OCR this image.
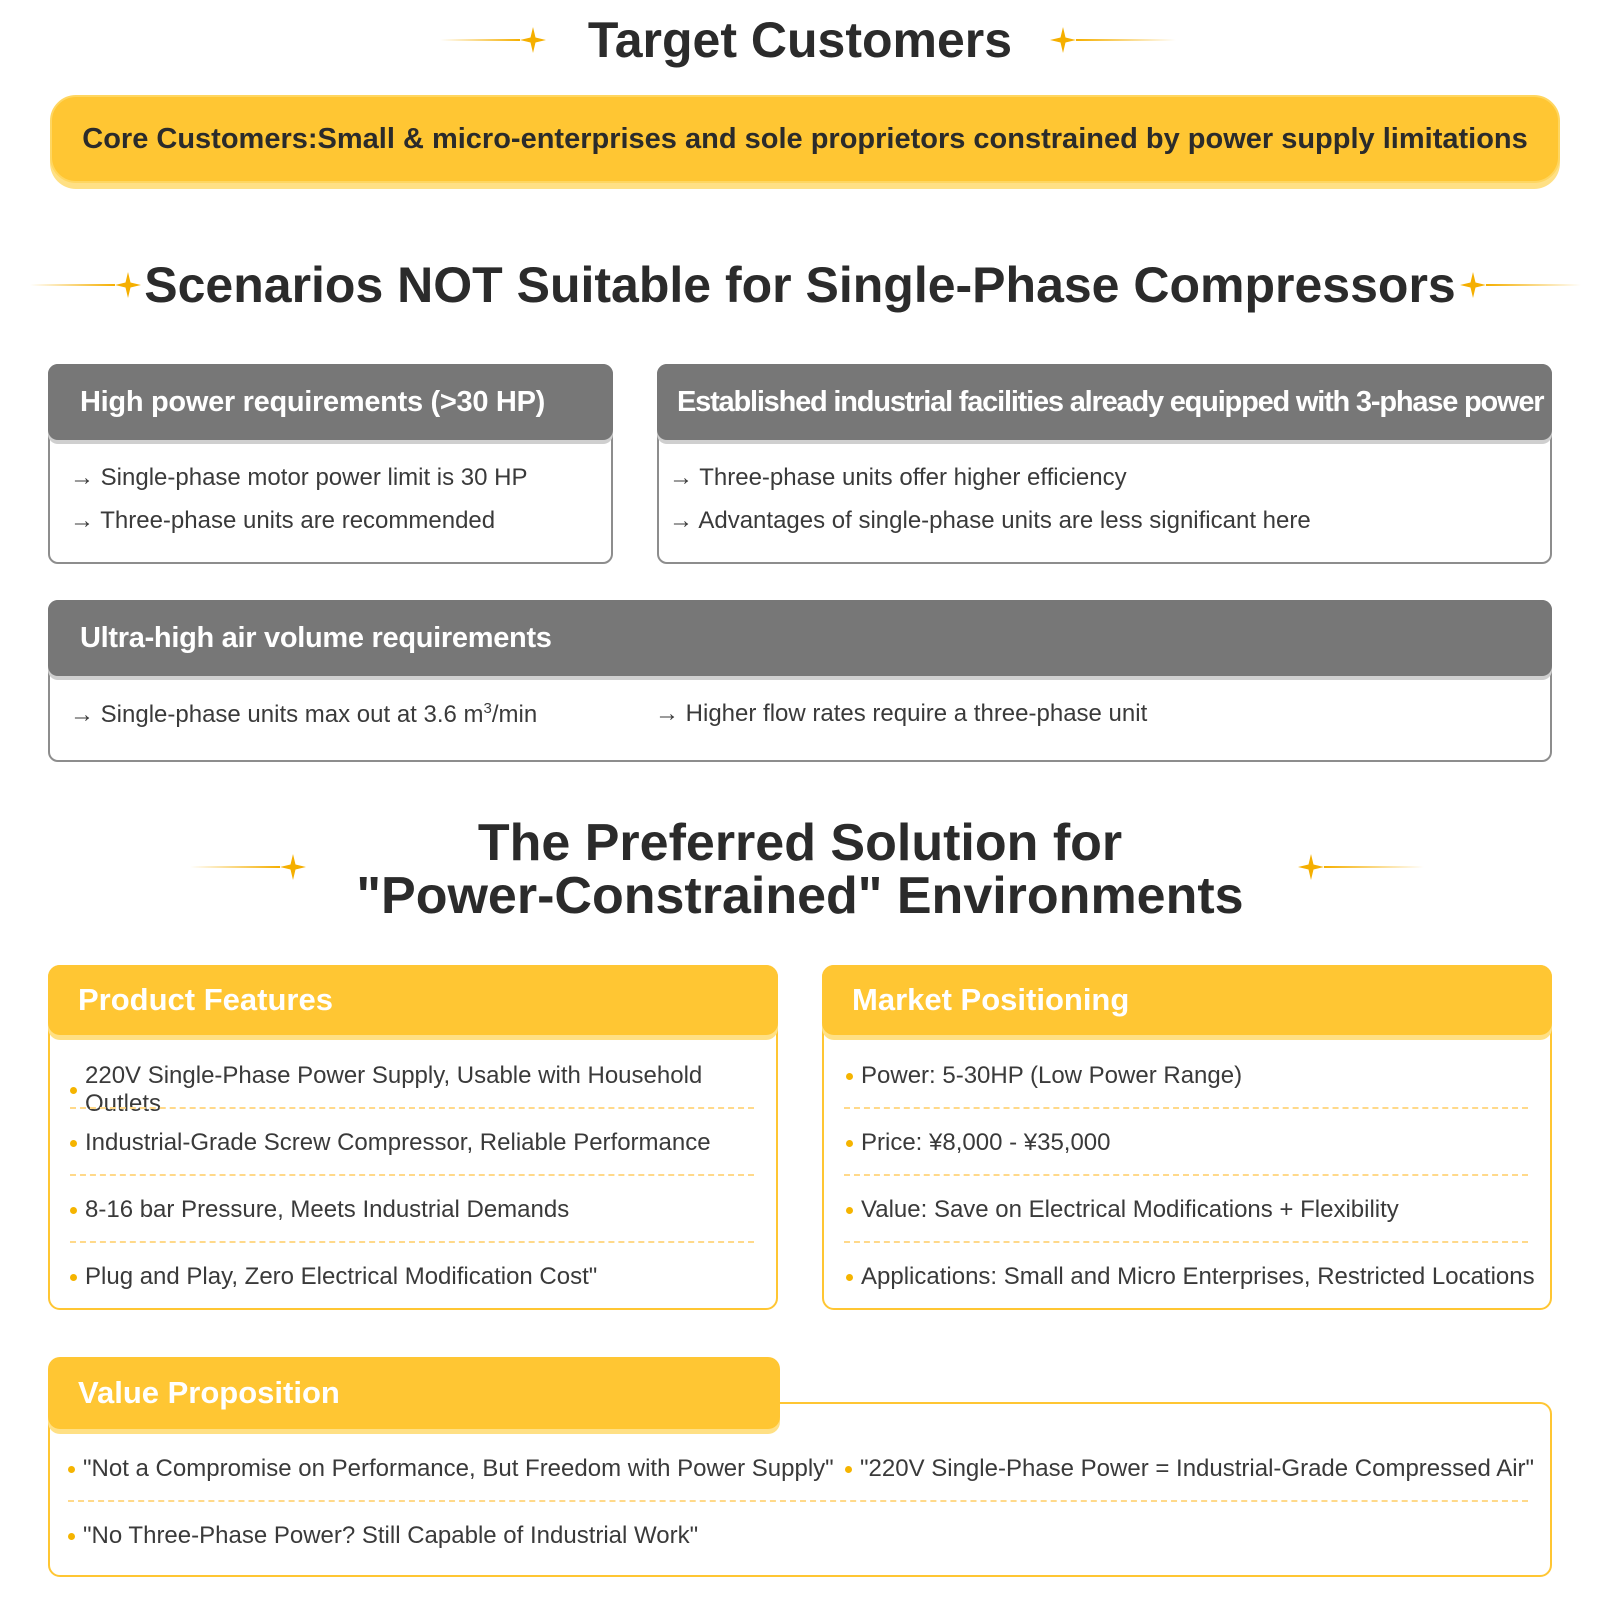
Target Customers
Core Customers:Small & micro-enterprises and sole proprietors constrained by power supply limitations
Scenarios NOT Suitable for Single-Phase Compressors
High power requirements (>30 HP)
→ Single-phase motor power limit is 30 HP
→ Three-phase units are recommended
Established industrial facilities already equipped with 3-phase power
→ Three-phase units offer higher efficiency
→ Advantages of single-phase units are less significant here
Ultra-high air volume requirements
→ Single-phase units max out at 3.6 $m^3/\min$	→ Higher flow rates require a three-phase unit
The Preferred Solution for
"Power-Constrained" Environments
Product Features
220V Single-Phase Power Supply, Usable with Household Outlets
Industrial-Grade Screw Compressor, Reliable Performance
8-16 bar Pressure, Meets Industrial Demands
Plug and Play, Zero Electrical Modification Cost"
Market Positioning
Power: 5-30HP (Low Power Range)
Price: ¥8,000 - ¥35,000
Value: Save on Electrical Modifications + Flexibility
Applications: Small and Micro Enterprises, Restricted Locations
Value Proposition
"Not a Compromise on Performance, But Freedom with Power Supply" "220V Single-Phase Power = Industrial-Grade Compressed Air"
"No Three-Phase Power? Still Capable of Industrial Work"
